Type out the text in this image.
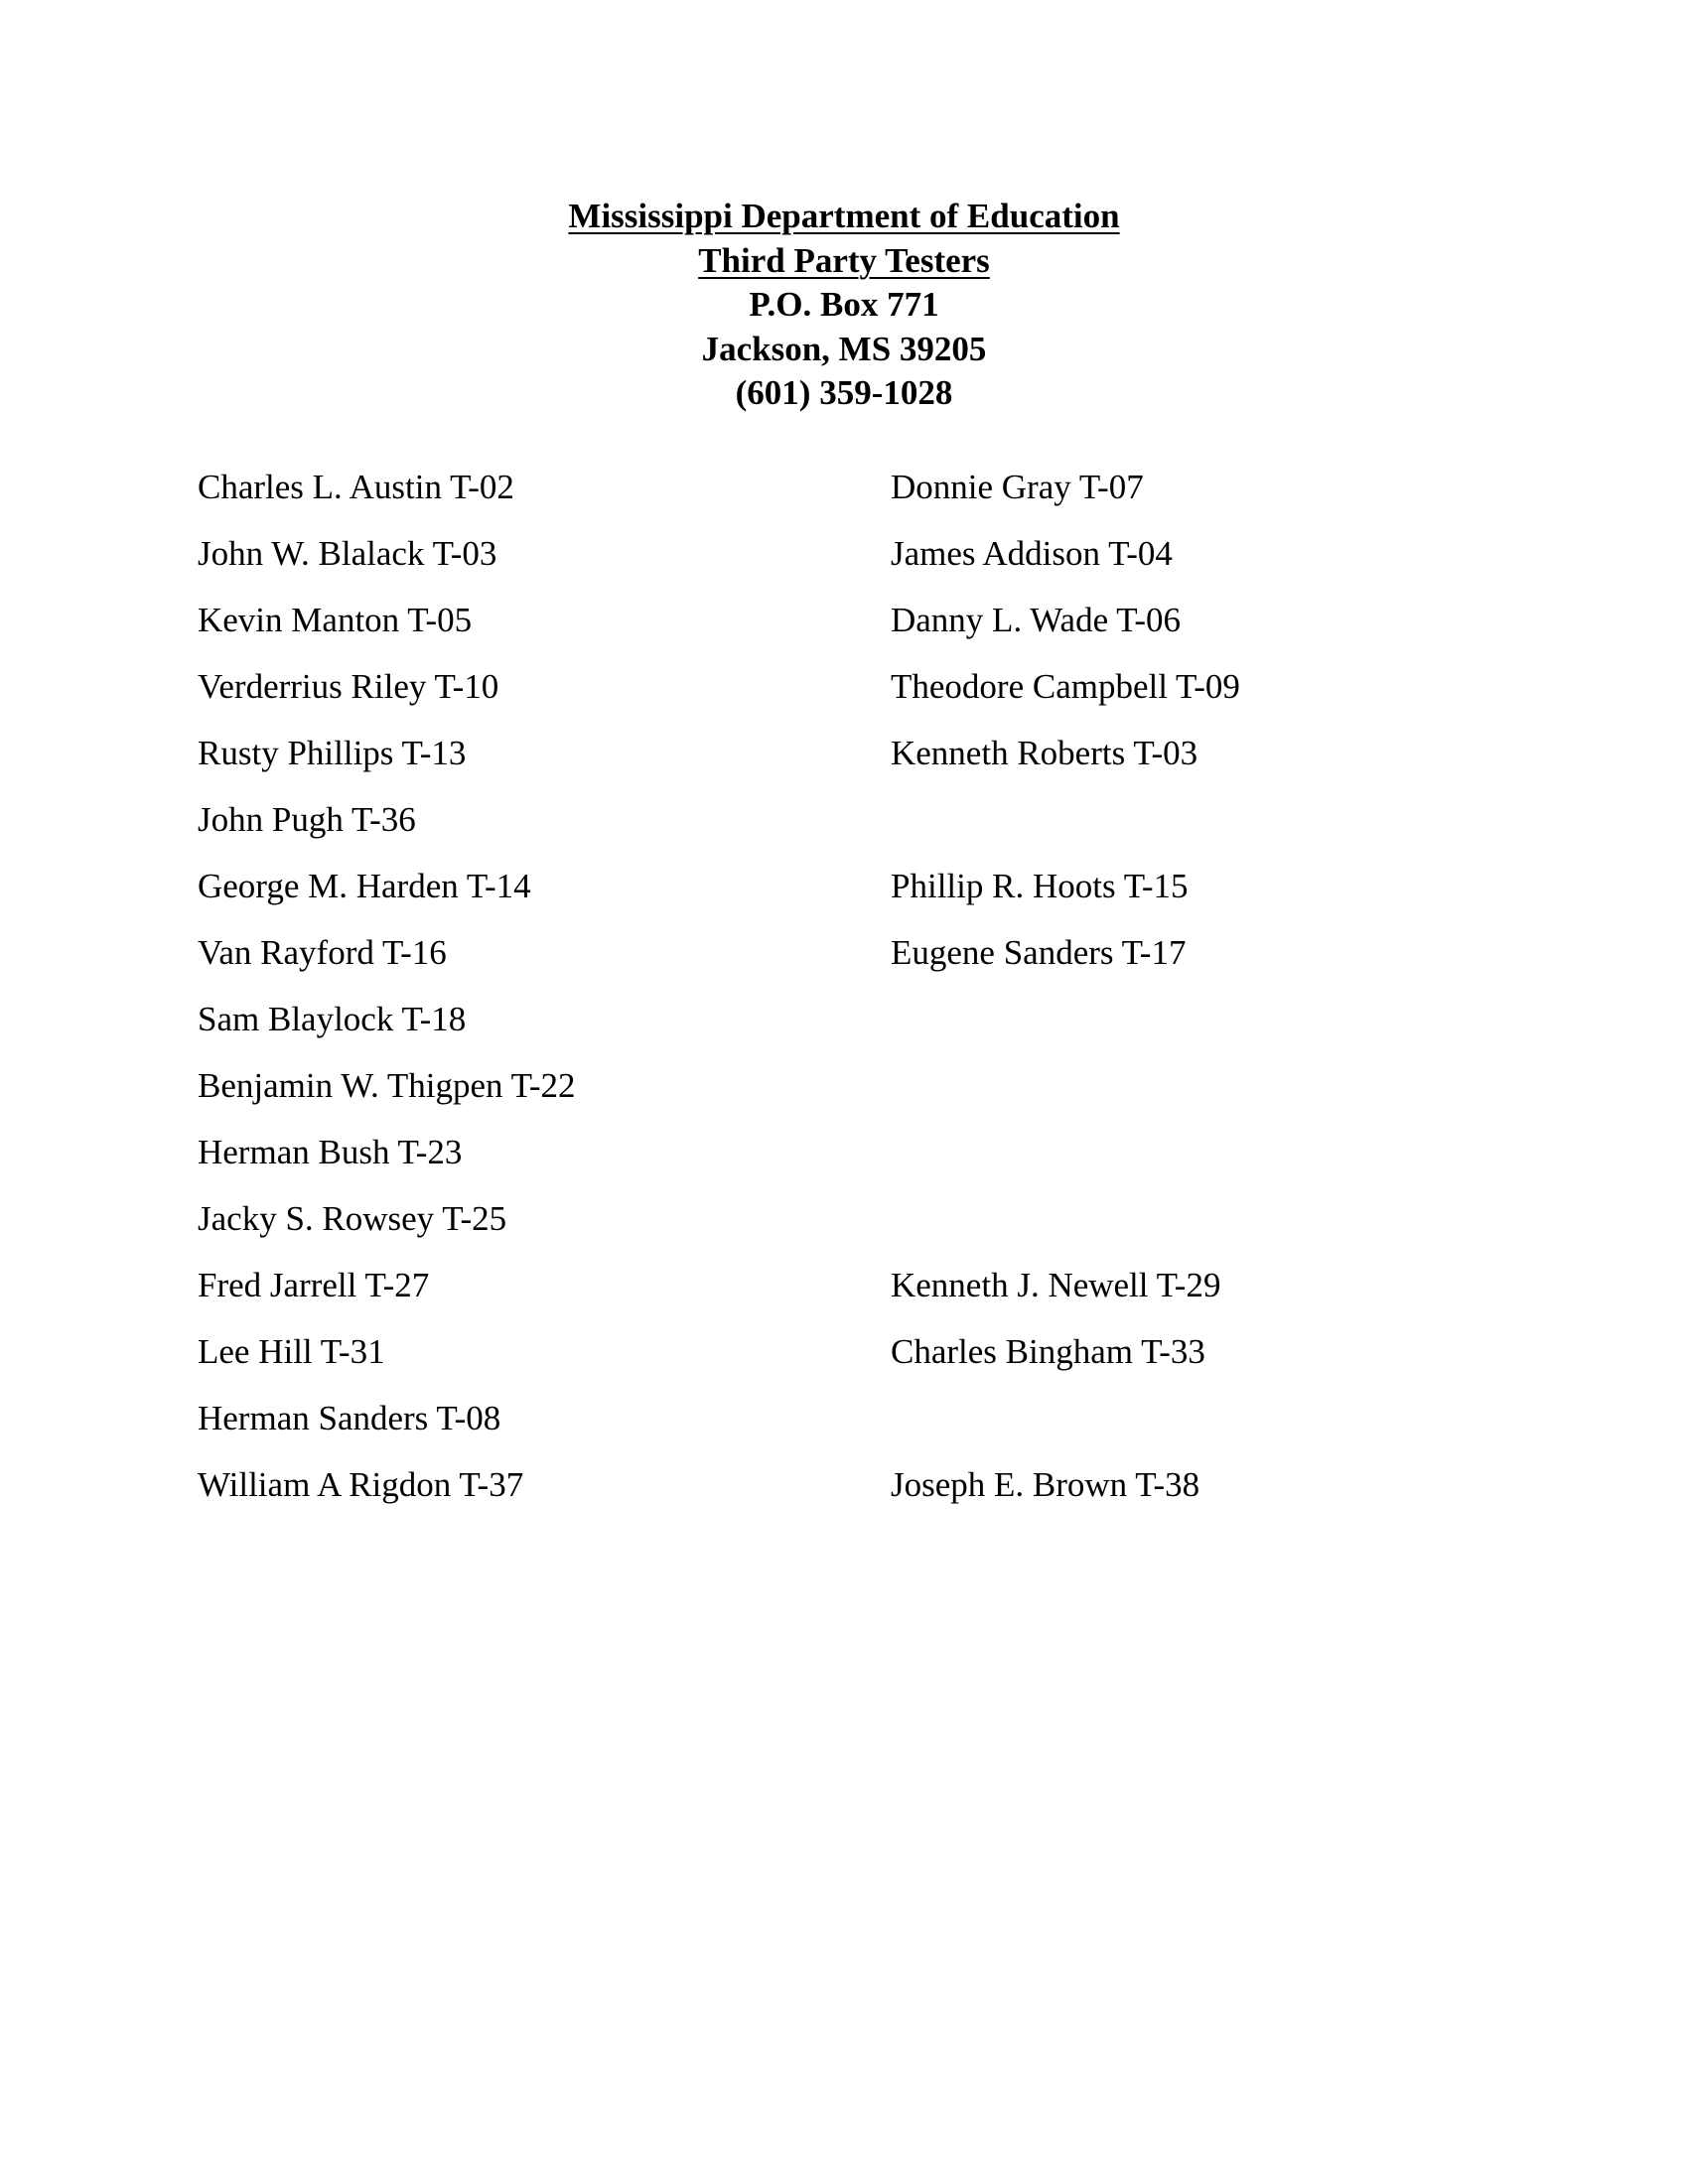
Mississippi Department of Education
Third Party Testers
P.O. Box 771
Jackson, MS 39205
(601) 359-1028
Charles L. Austin T-02	Donnie Gray T-07
John W. Blalack T-03	James Addison T-04
Kevin Manton T-05	Danny L. Wade T-06
Verderrius Riley T-10	Theodore Campbell T-09
Rusty Phillips T-13	Kenneth Roberts T-03
John Pugh T-36
George M. Harden T-14	Phillip R. Hoots T-15
Van Rayford T-16	Eugene Sanders T-17
Sam Blaylock T-18
Benjamin W. Thigpen T-22
Herman Bush T-23
Jacky S. Rowsey T-25
Fred Jarrell T-27	Kenneth J. Newell T-29
Lee Hill T-31	Charles Bingham T-33
Herman Sanders T-08
William A Rigdon T-37	Joseph E. Brown T-38
